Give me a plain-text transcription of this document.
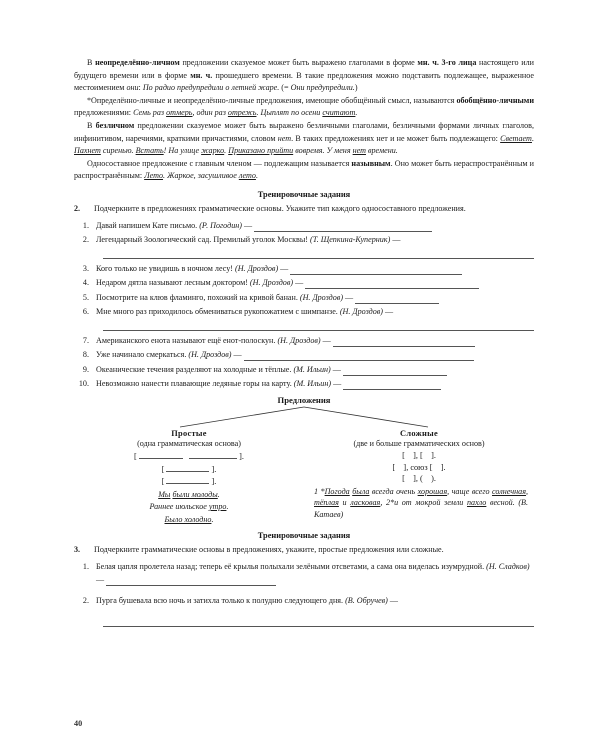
В неопределённо-личном предложении сказуемое может быть выражено глаголами в форме мн. ч. 3-го лица настоящего или будущего времени или в форме мн. ч. прошедшего времени. В такие предложения можно подставить подлежащее, выраженное местоимением они: По радио предупредили о летней жаре. (= Они предупредили.)

*Определённо-личные и неопределённо-личные предложения, имеющие обобщённый смысл, называются обобщённо-личными предложениями: Семь раз отмерь, один раз отрежь. Цыплят по осени считают.

В безличном предложении сказуемое может быть выражено безличными глаголами, безличными формами личных глаголов, инфинитивом, наречиями, краткими причастиями, словом нет. В таких предложениях нет и не может быть подлежащего: Светает. Пахнет сиренью. Встать! На улице жарко. Приказано прийти вовремя. У меня нет времени.

Односоставное предложение с главным членом — подлежащим называется назывным. Оно может быть нераспространённым и распространённым: Лето. Жаркое, засушливое лето.

Тренировочные задания
2.	Подчеркните в предложениях грамматические основы. Укажите тип каждого односоставного предложения.
1. Давай напишем Кате письмо. (Р. Погодин) —
2. Легендарный Зоологический сад. Премилый уголок Москвы! (Т. Щепкина-Куперник) —
3. Кого только не увидишь в ночном лесу! (Н. Дроздов) —
4. Недаром дятла называют лесным доктором! (Н. Дроздов) —
5. Посмотрите на клюв фламинго, похожий на кривой банан. (Н. Дроздов) —
6. Мне много раз приходилось обмениваться рукопожатием с шимпанзе. (Н. Дроздов) —
7. Американского енота называют ещё енот-полоскун. (Н. Дроздов) —
8. Уже начинало смеркаться. (Н. Дроздов) —
9. Океанические течения разделяют на холодные и тёплые. (М. Ильин) —
10. Невозможно нанести плавающие ледяные горы на карту. (М. Ильин) —
Предложения
Простые
(одна грамматическая основа)
[	].
[	].
[	].
Мы были молоды.
Раннее июльское утро.
Было холодно.
Сложные
(две и больше грамматических основ)
[    ], [    ].
[    ], союз [    ].
[    ], (    ).
1 *Погода была всегда очень хорошая, чаще всего солнечная, тёплая и ласковая, 2*и от мокрой земли пахло весной. (В. Катаев)
Тренировочные задания
3.	Подчеркните грамматические основы в предложениях, укажите, простые предложения или сложные.
1. Белая цапля пролетела назад; теперь её крылья полыхали зелёными отсветами, а сама она виделась изумрудной. (Н. Сладков) —
2. Пурга бушевала всю ночь и затихла только к полудню следующего дня. (В. Обручев) —
40
